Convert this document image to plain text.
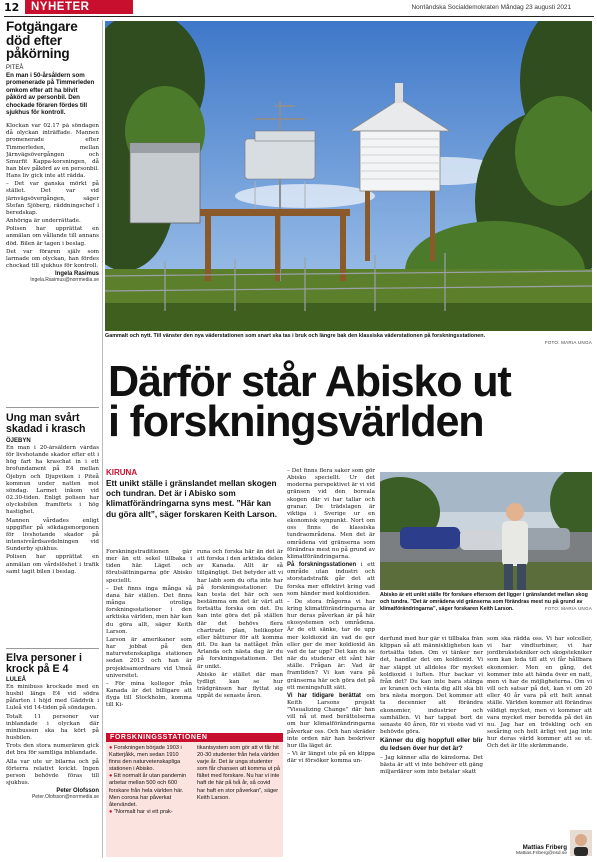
12	NYHETER	Norrländska Socialdemokraten Måndag 23 augusti 2021
Fotgängare död efter påkörning
PITEÅ
En man i 50-årsåldern som promenerade på Timmerleden omkom efter att ha blivit påkörd av personbil. Den chockade föraren fördes till sjukhus för kontroll.

Klockan var 02.17 på söndagen då olyckan inträffade. Mannen promenerade efter Timmerleden, mellan Järnvägsövergången och Smurfit Kappa-korsningen, då han blev påkörd av en personbil. Hans liv gick inte att rädda.

– Det var ganska mörkt på stället. Det var vid järnvägsövergången, säger Stefan Sjöberg, räddningschef i beredskap.

Anhöriga är underrättade.

Polisen har upprättat en anmälan om vållande till annans död. Bilen är tagen i beslag.

Det var föraren själv som larmade om olyckan, han fördes chockad till sjukhus för kontroll.

Ingela Rasimus
Ingela.Rasimus@norrmedia.se
Ung man svårt skadad i krasch
ÖJEBYN

En man i 20-årsåldern vårdas för livshotande skador efter ett i hög fart ha kraschat in i ett brofundament på E4 mellan Öjebyn och Djupviken i Piteå kommun under natten mot söndag. Larmet inkom vid 02.30-tiden. Enligt polisen har olycksbilen framförts i hög hastighet.

Mannen vårdades enligt uppgifter på sökdagsmorgonen för livshotande skador på intensivvårdsavdelningen vid Sunderby sjukhus.

Polisen har upprättat en anmälan om vårdslöshet i trafik samt tagit bilen i beslag.

Elva personer i krock på E 4
LULEÅ

En minibuss krockade med en husbil längs E4 vid södra påfarten i höjd med Gäddvik i Luleå vid 14-tiden på söndagen.

Totalt 11 personer var inblandade i olyckan där minibussen ska ha kört på husbilen.

Trots den stora numerären gick det bra för samtliga inblandade.

Alla var ute ur bilarna och på förterra relativt kvickt. Ingen person behövde föras till sjukhus.

Peter Olofsson
Peter.Olofsson@norrmedia.se
Gammalt och nytt. Till vänster den nya väderstationen som snart ska tas i bruk och längre bak den klassiska väderstationen på forskningsstationen.
FOTO: MARIA UNGA
Därför står Abisko ut
i forskningsvärlden
KIRUNA
Ett unikt ställe i gränslandet mellan skogen och tundran. Det är i Abisko som klimatförändringarna syns mest. ”Här kan du göra allt”, säger forskaren Keith Larson.

Forskningstraditionen går mer än ett sekel tillbaka i tiden här. Läget och förutsättningarna gör Abisko speciellt.

– Det finns inga många så dana här ställen. Det finns många otroliga forskningsstationer i den arktiska världen, men här kan du göra allt, säger Keith Larson.

Larson är amerikaner som har jobbat på den naturvetenskapliga stationen sedan 2013 och han är projektsamordnare vid Umeå universitet.

– För mina kollegor från Kanada är det billigare att flyga till Stockholm, komma till Ki-

runa och forska här än det är att forska i den arktiska delen av Kanada. Allt är så tillgängligt. Det betyder att vi har labb som du ofta inte har på forskningsstationer. Du kan testa det här och sen bestämma om det är värt att fortsätta forska om det. Du kan inte göra det på ställen där det behövs flera chartrade plan, helikopter eller båtturer för att komma dit. Du kan ta nattåget från Arlanda och nästa dag är du på forskningsstationen. Det är unikt.

Abisko är stället där man tydligt kan se hur trädgränsen har flyttat sig uppåt de senaste åren.

FORSKNINGSSTATIONEN
● Forskningen började 1903 i Katterjåkk, men sedan 1910 finns den naturvetenskapliga stationen i Abisko.
● Ett normalt år utan pandemin arbetar mellan 500 och 600 forskare från hela världen här. Men corona har påverkat återvändet.
● ”Normalt har vi ett prak-
tikantsystem som gör att vi får hit 20-30 studenter från hela världen varje år. Det är unga studenter som får chansen att komma ut på fältet med forskare. Nu har vi inte haft de här på två år, så covid har haft en stor påverkan”, säger Keith Larson.

– Det finns flera saker som gör Abisko speciellt. Ur det moderna perspektivet är vi vid gränsen vid den boreala skogen där vi har tallar och granar. De trädslagen är viktiga i Sverige ur en ekonomisk synpunkt. Nort om oss finns de klassiska tundraområdena. Men det är områdena vid gränserna som förändras mest nu på grund av klimatförändringarna.

På forskningsstationen i ett område utan industri och storstadstrafik går det att forska mer effektivt kring vad som händer med koldioxiden.

– De stora frågorna vi har kring klimatförändringarna är hur deras påverkan är på här ekosystemen och områdena. Är de ett sänke, tar de upp mer koldioxid än vad de ger eller ger de mer koldioxid än vad de tar upp? Det kan du se när du studerar ett sånt här ställe. Frågan är: Vad är framtiden? Vi kan vara på gränserna här och göra det på ett meningsfullt sätt.

Vi har tidigare berättat om Keith Larsons projekt ”Visualizing Change” där han vill nå ut med berättelserna om hur klimatförändringarna påverkar oss. Och han skräder inte orden när han beskriver hur illa läget är.

– Vi är längst ute på en klippa där vi försöker komma un-

Abisko är ett unikt ställe för forskare eftersom det ligger i gränslandet mellan skog och tundra. ”Det är områdena vid gränserna som förändras mest nu på grund av klimatförändringarna”, säger forskaren Keith Larson.	FOTO: MARIA UNGA

derfund med hur går vi tillbaka från klippan så att människligheten kan fortsätta tiden. Om vi tänker ner det, handlar det om koldioxid. Vi har släppt ut alldeles för mycket koldioxid i luften. Hur backar vi från det? Du kan inte bara stänga av kranen och vänta dig allt ska bli bra nästa morgon. Det kommer att ta decennier att förändra ekonomier, industrier och samhällen. Vi har tappat bort de senaste 40 åren, för vi visste vad vi behövde göra.

Känner du dig hoppfull eller blir du ledsen över hur det är?

– Jag känner alla de känslorna. Det bästa är att vi inte behöver ett gäng miljardärer som inte betalar skatt

som ska rädda oss. Vi har solceller, vi har vindturbiner, vi har jordbrukstekniker och skogstekniker som kan leda till att vi får hållbara ekonomier. Men en gång, det kommer inte att hända över en natt, men vi har de möjligheterna. Om vi vill och satsar på det, kan vi om 20 eller 40 år vara på ett helt annat ställe. Världen kommer att förändras väldigt mycket, men vi kommer att vara mycket mer beredda på det än nu. Jag har en tröskling och en sexåring och helt ärligt vet jag inte hur deras värld kommer att se ut. Och det är lite skrämmande.

Mattias Friberg
Mattias.Friberg@nsd.se
